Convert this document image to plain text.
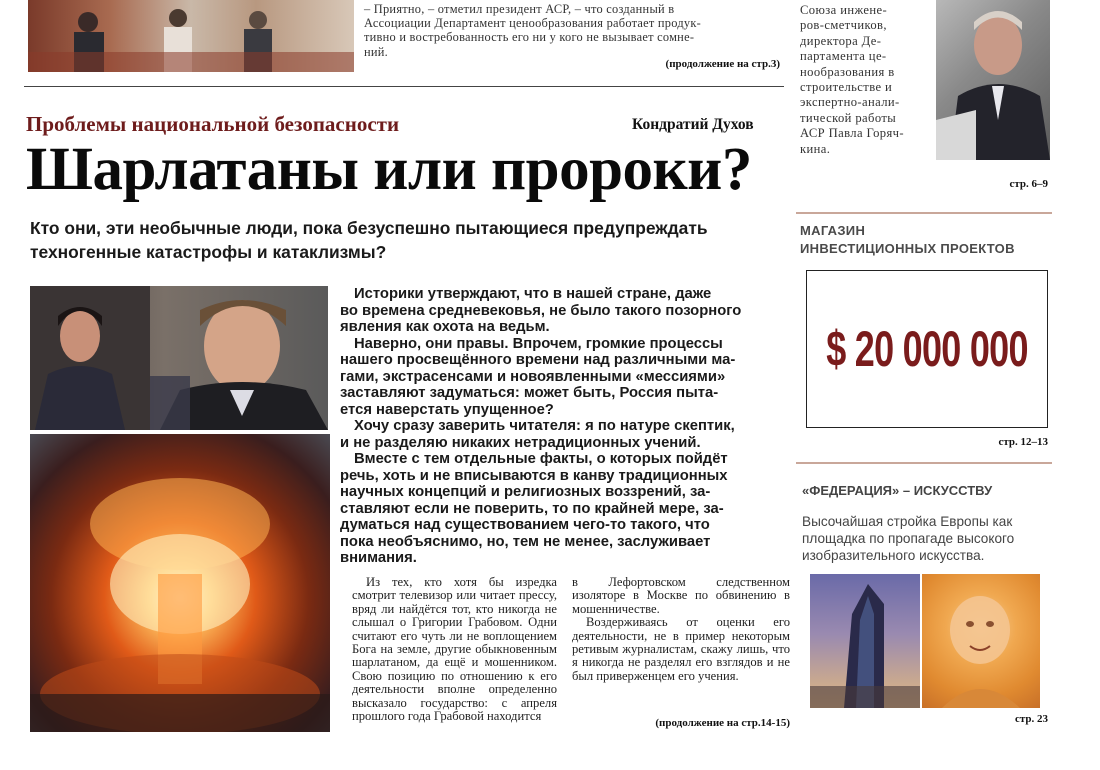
– Приятно, – отметил президент АСР, – что созданный в
Ассоциации Департамент ценообразования работает продук-
тивно и востребованность его ни у кого не вызывает сомне-
ний.
(продолжение на стр.3)
Союза инжене-
ров-сметчиков,
директора Де-
партамента це-
нообразования в
строительстве и
экспертно-анали-
тической работы
АСР Павла Горяч-
кина.
стр. 6–9
Проблемы национальной безопасности	Кондратий Духов
Шарлатаны или пророки?
Кто они, эти необычные люди, пока безуспешно пытающиеся предупреждать техногенные катастрофы и катаклизмы?
Историки утверждают, что в нашей стране, даже
во времена средневековья, не было такого позорного
явления как охота на ведьм.
Наверно, они правы. Впрочем, громкие процессы
нашего просвещённого времени над различными ма-
гами, экстрасенсами и новоявленными «мессиями»
заставляют задуматься: может быть, Россия пыта-
ется наверстать упущенное?
Хочу сразу заверить читателя: я по натуре скептик,
и не разделяю никаких нетрадиционных учений.
Вместе с тем отдельные факты, о которых пойдёт
речь, хоть и не вписываются в канву традиционных
научных концепций и религиозных воззрений, за-
ставляют если не поверить, то по крайней мере, за-
думаться над существованием чего-то такого, что
пока необъяснимо, но, тем не менее, заслуживает
внимания.

Из тех, кто хотя бы изредка смотрит телевизор или читает прессу, вряд ли найдётся тот, кто никогда не слышал о Григории Грабовом. Одни считают его чуть ли не воплощением Бога на земле, другие обыкновенным шарлатаном, да ещё и мошенником. Свою позицию по отношению к его деятельности вполне определенно высказало государство: с апреля прошлого года Грабовой находится

в Лефортовском следственном изоляторе в Москве по обвинению в мошенничестве.

Воздерживаясь от оценки его деятельности, не в пример некоторым ретивым журналистам, скажу лишь, что я никогда не разделял его взглядов и не был приверженцем его учения.

(продолжение на стр.14-15)
МАГАЗИН
ИНВЕСТИЦИОННЫХ ПРОЕКТОВ
$ 20 000 000
стр. 12–13
«ФЕДЕРАЦИЯ» – ИСКУССТВУ
Высочайшая стройка Европы как площадка по пропагаде высокого изобразительного искусства.
стр. 23
